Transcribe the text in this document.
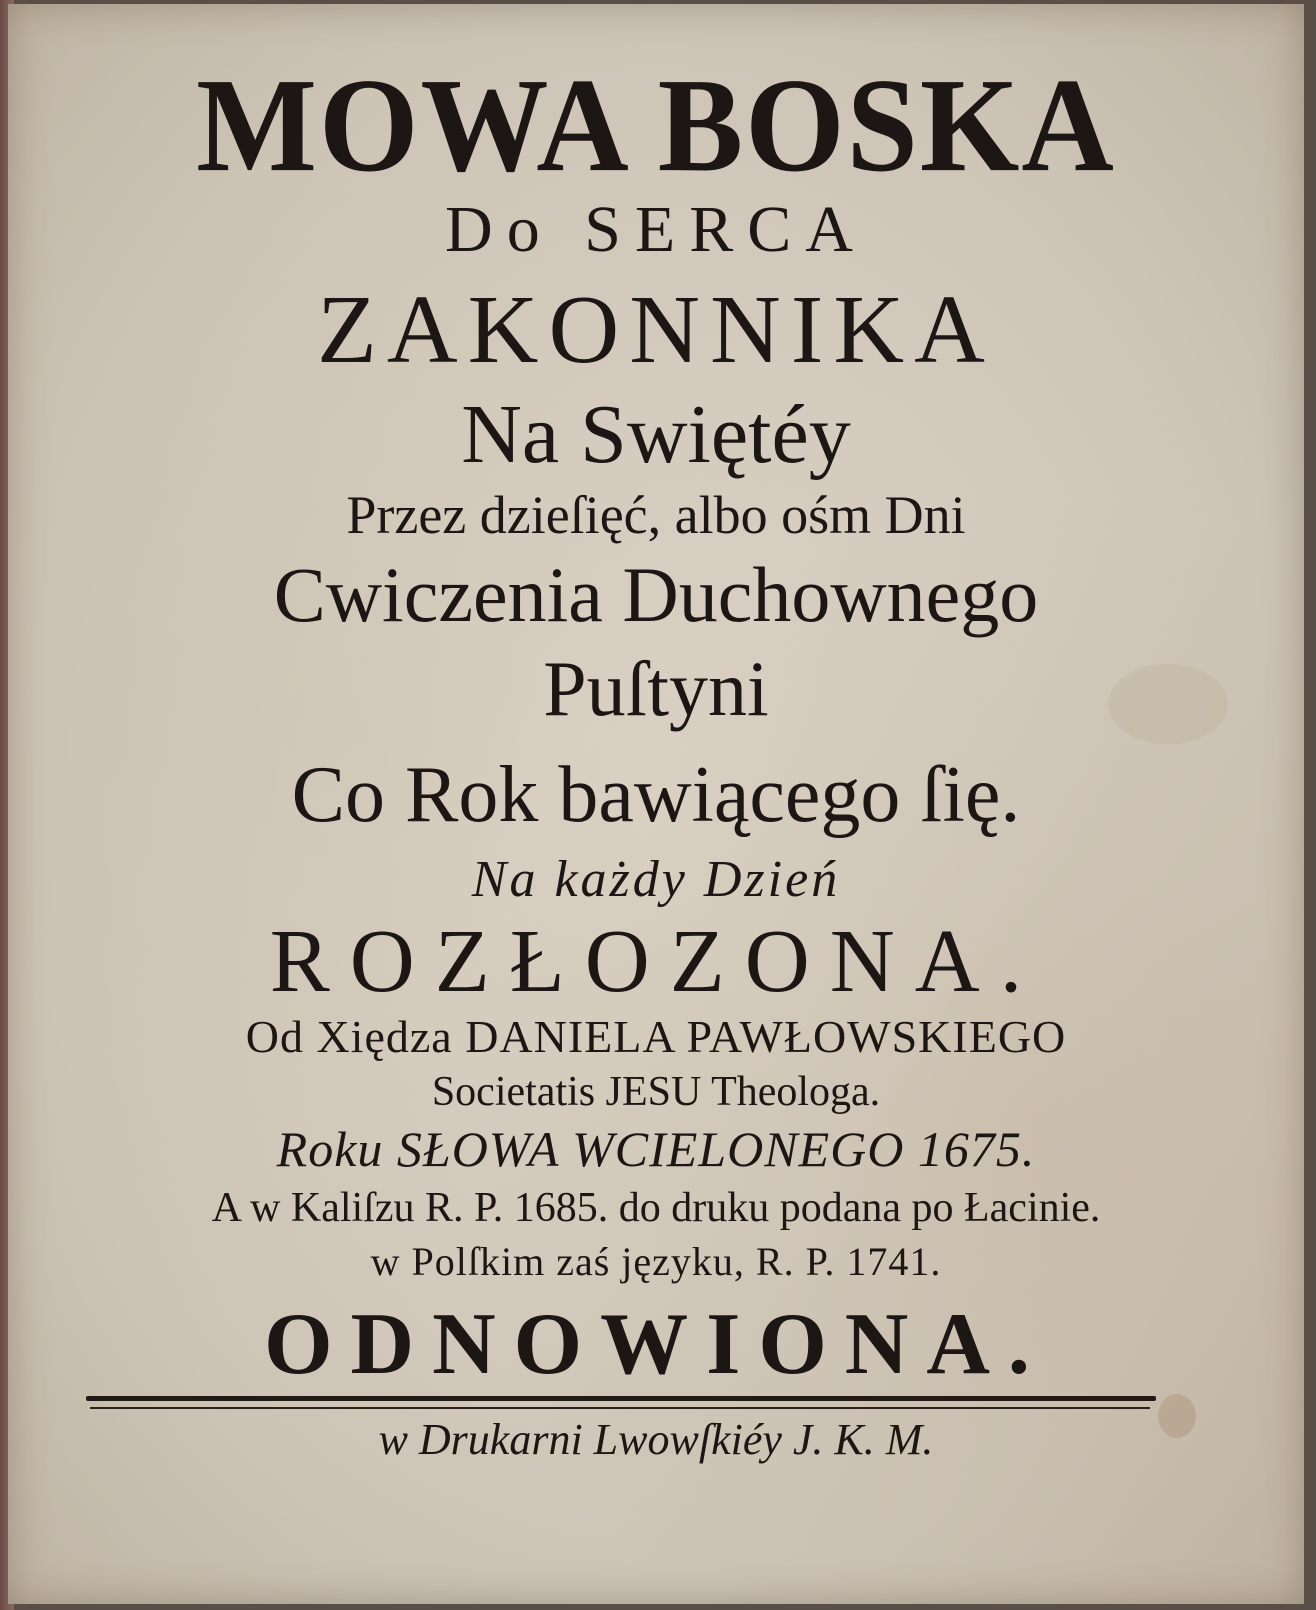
MOWA BOSKA
Do SERCA
ZAKONNIKA
Na Swiętéy
Przez dzieſięć, albo ośm Dni
Cwiczenia Duchownego
Puſtyni
Co Rok bawiącego ſię.
Na każdy Dzień
ROZŁOZONA.
Od Xiędza DANIELA PAWŁOWSKIEGO
Societatis JESU Theologa.
Roku SŁOWA WCIELONEGO 1675.
A w Kaliſzu R. P. 1685. do druku podana po Łacinie.
w Polſkim zaś języku, R. P. 1741.
ODNOWIONA.
w Drukarni Lwowſkiéy J. K. M.
